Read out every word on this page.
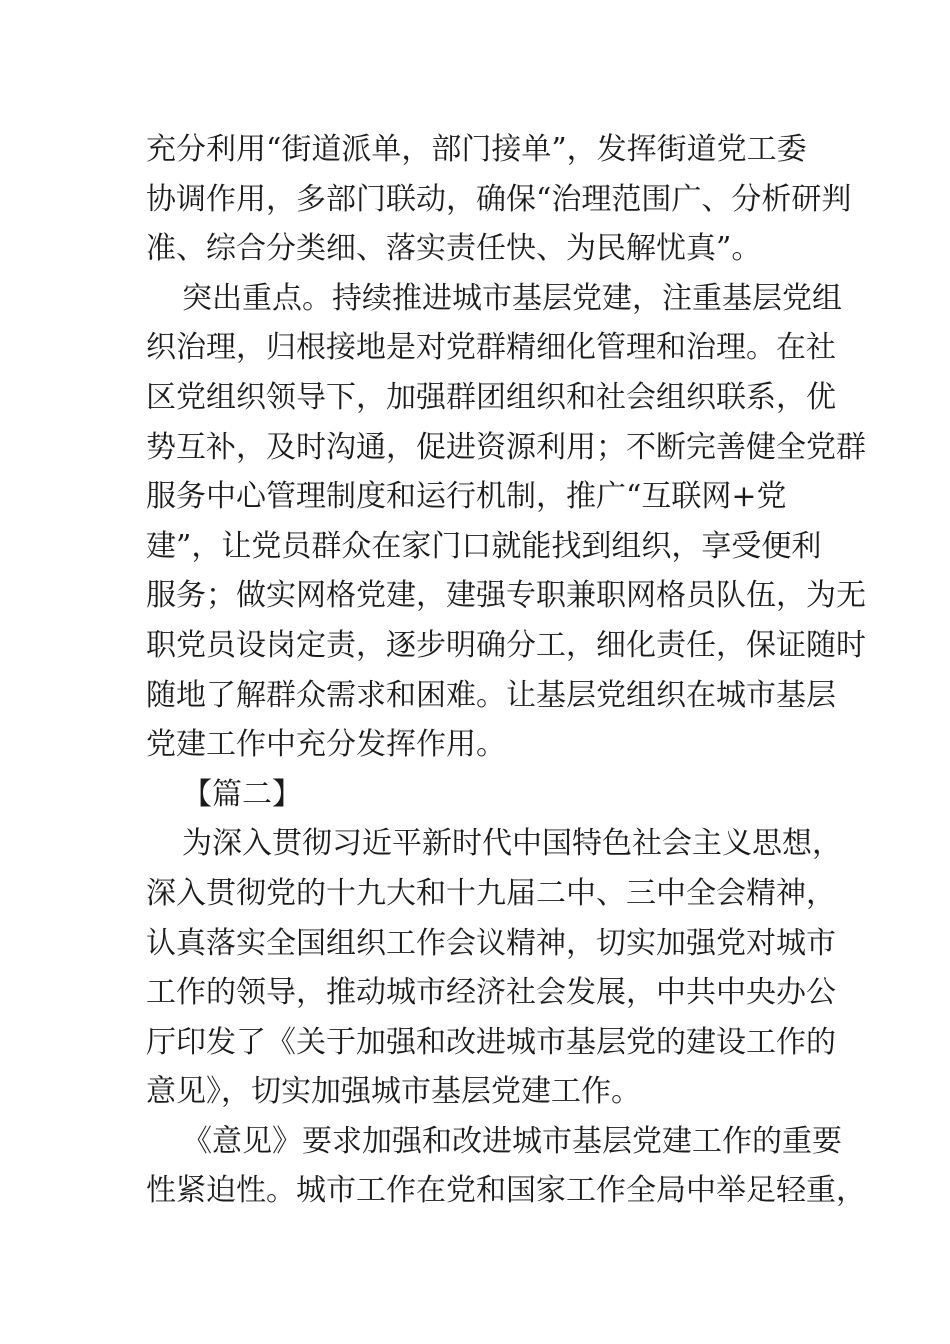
充分利用“街道派单，部门接单”，发挥街道党工委
协调作用，多部门联动，确保“治理范围广、分析研判
准、综合分类细、落实责任快、为民解忧真”。
突出重点。持续推进城市基层党建，注重基层党组
织治理，归根接地是对党群精细化管理和治理。在社
区党组织领导下，加强群团组织和社会组织联系，优
势互补，及时沟通，促进资源利用；不断完善健全党群
服务中心管理制度和运行机制，推广“互联网+党
建”，让党员群众在家门口就能找到组织，享受便利
服务；做实网格党建，建强专职兼职网格员队伍，为无
职党员设岗定责，逐步明确分工，细化责任，保证随时
随地了解群众需求和困难。让基层党组织在城市基层
党建工作中充分发挥作用。
【篇二】
为深入贯彻习近平新时代中国特色社会主义思想，
深入贯彻党的十九大和十九届二中、三中全会精神，
认真落实全国组织工作会议精神，切实加强党对城市
工作的领导，推动城市经济社会发展，中共中央办公
厅印发了《关于加强和改进城市基层党的建设工作的
意见》，切实加强城市基层党建工作。
《意见》要求加强和改进城市基层党建工作的重要
性紧迫性。城市工作在党和国家工作全局中举足轻重，
